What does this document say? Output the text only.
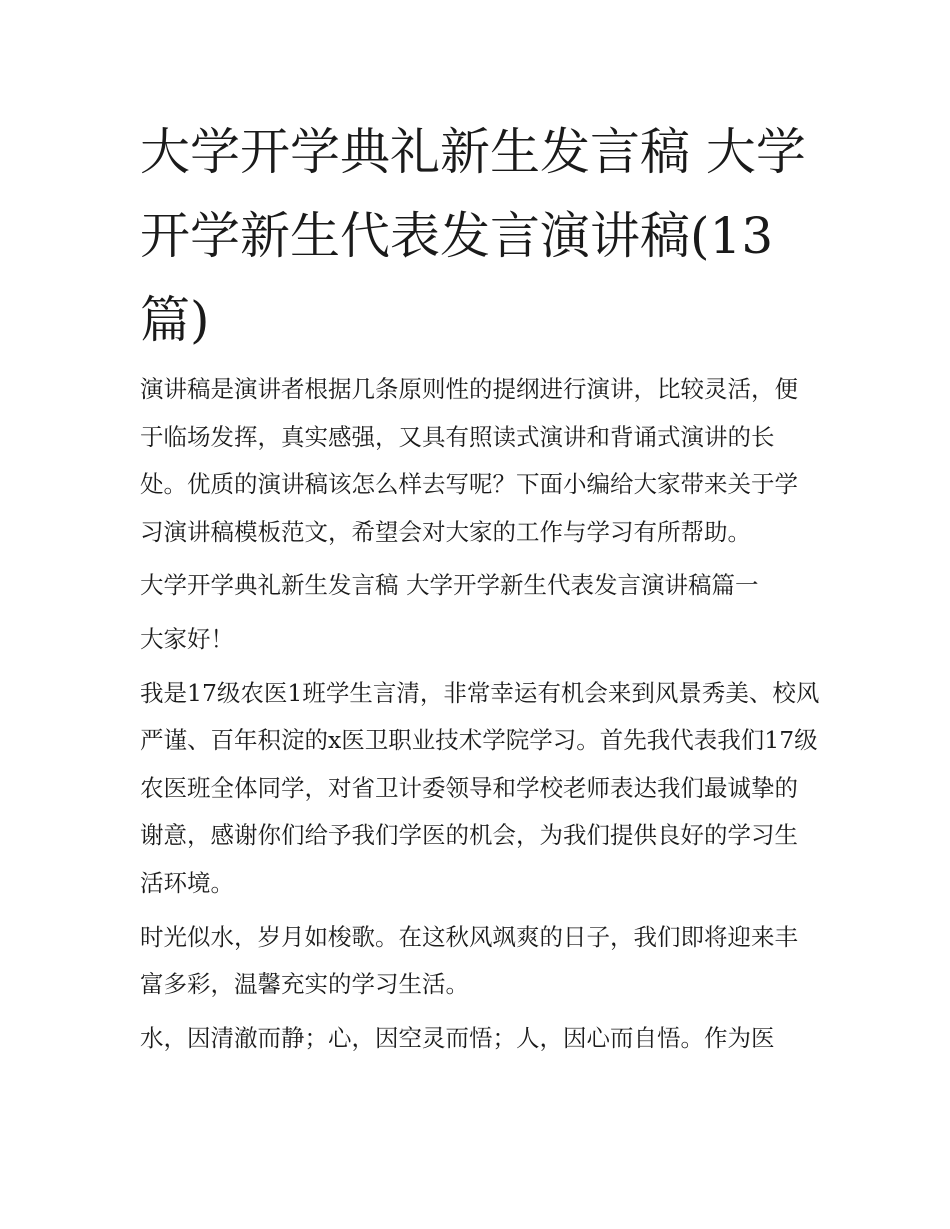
大学开学典礼新生发言稿 大学开学新生代表发言演讲稿(13篇)

演讲稿是演讲者根据几条原则性的提纲进行演讲，比较灵活，便于临场发挥，真实感强，又具有照读式演讲和背诵式演讲的长处。优质的演讲稿该怎么样去写呢？下面小编给大家带来关于学习演讲稿模板范文，希望会对大家的工作与学习有所帮助。

大学开学典礼新生发言稿 大学开学新生代表发言演讲稿篇一

大家好！

我是17级农医1班学生言清，非常幸运有机会来到风景秀美、校风严谨、百年积淀的x医卫职业技术学院学习。首先我代表我们17级农医班全体同学，对省卫计委领导和学校老师表达我们最诚挚的谢意，感谢你们给予我们学医的机会，为我们提供良好的学习生活环境。

时光似水，岁月如梭歌。在这秋风飒爽的日子，我们即将迎来丰富多彩，温馨充实的学习生活。

水，因清澈而静；心，因空灵而悟；人，因心而自悟。作为医
